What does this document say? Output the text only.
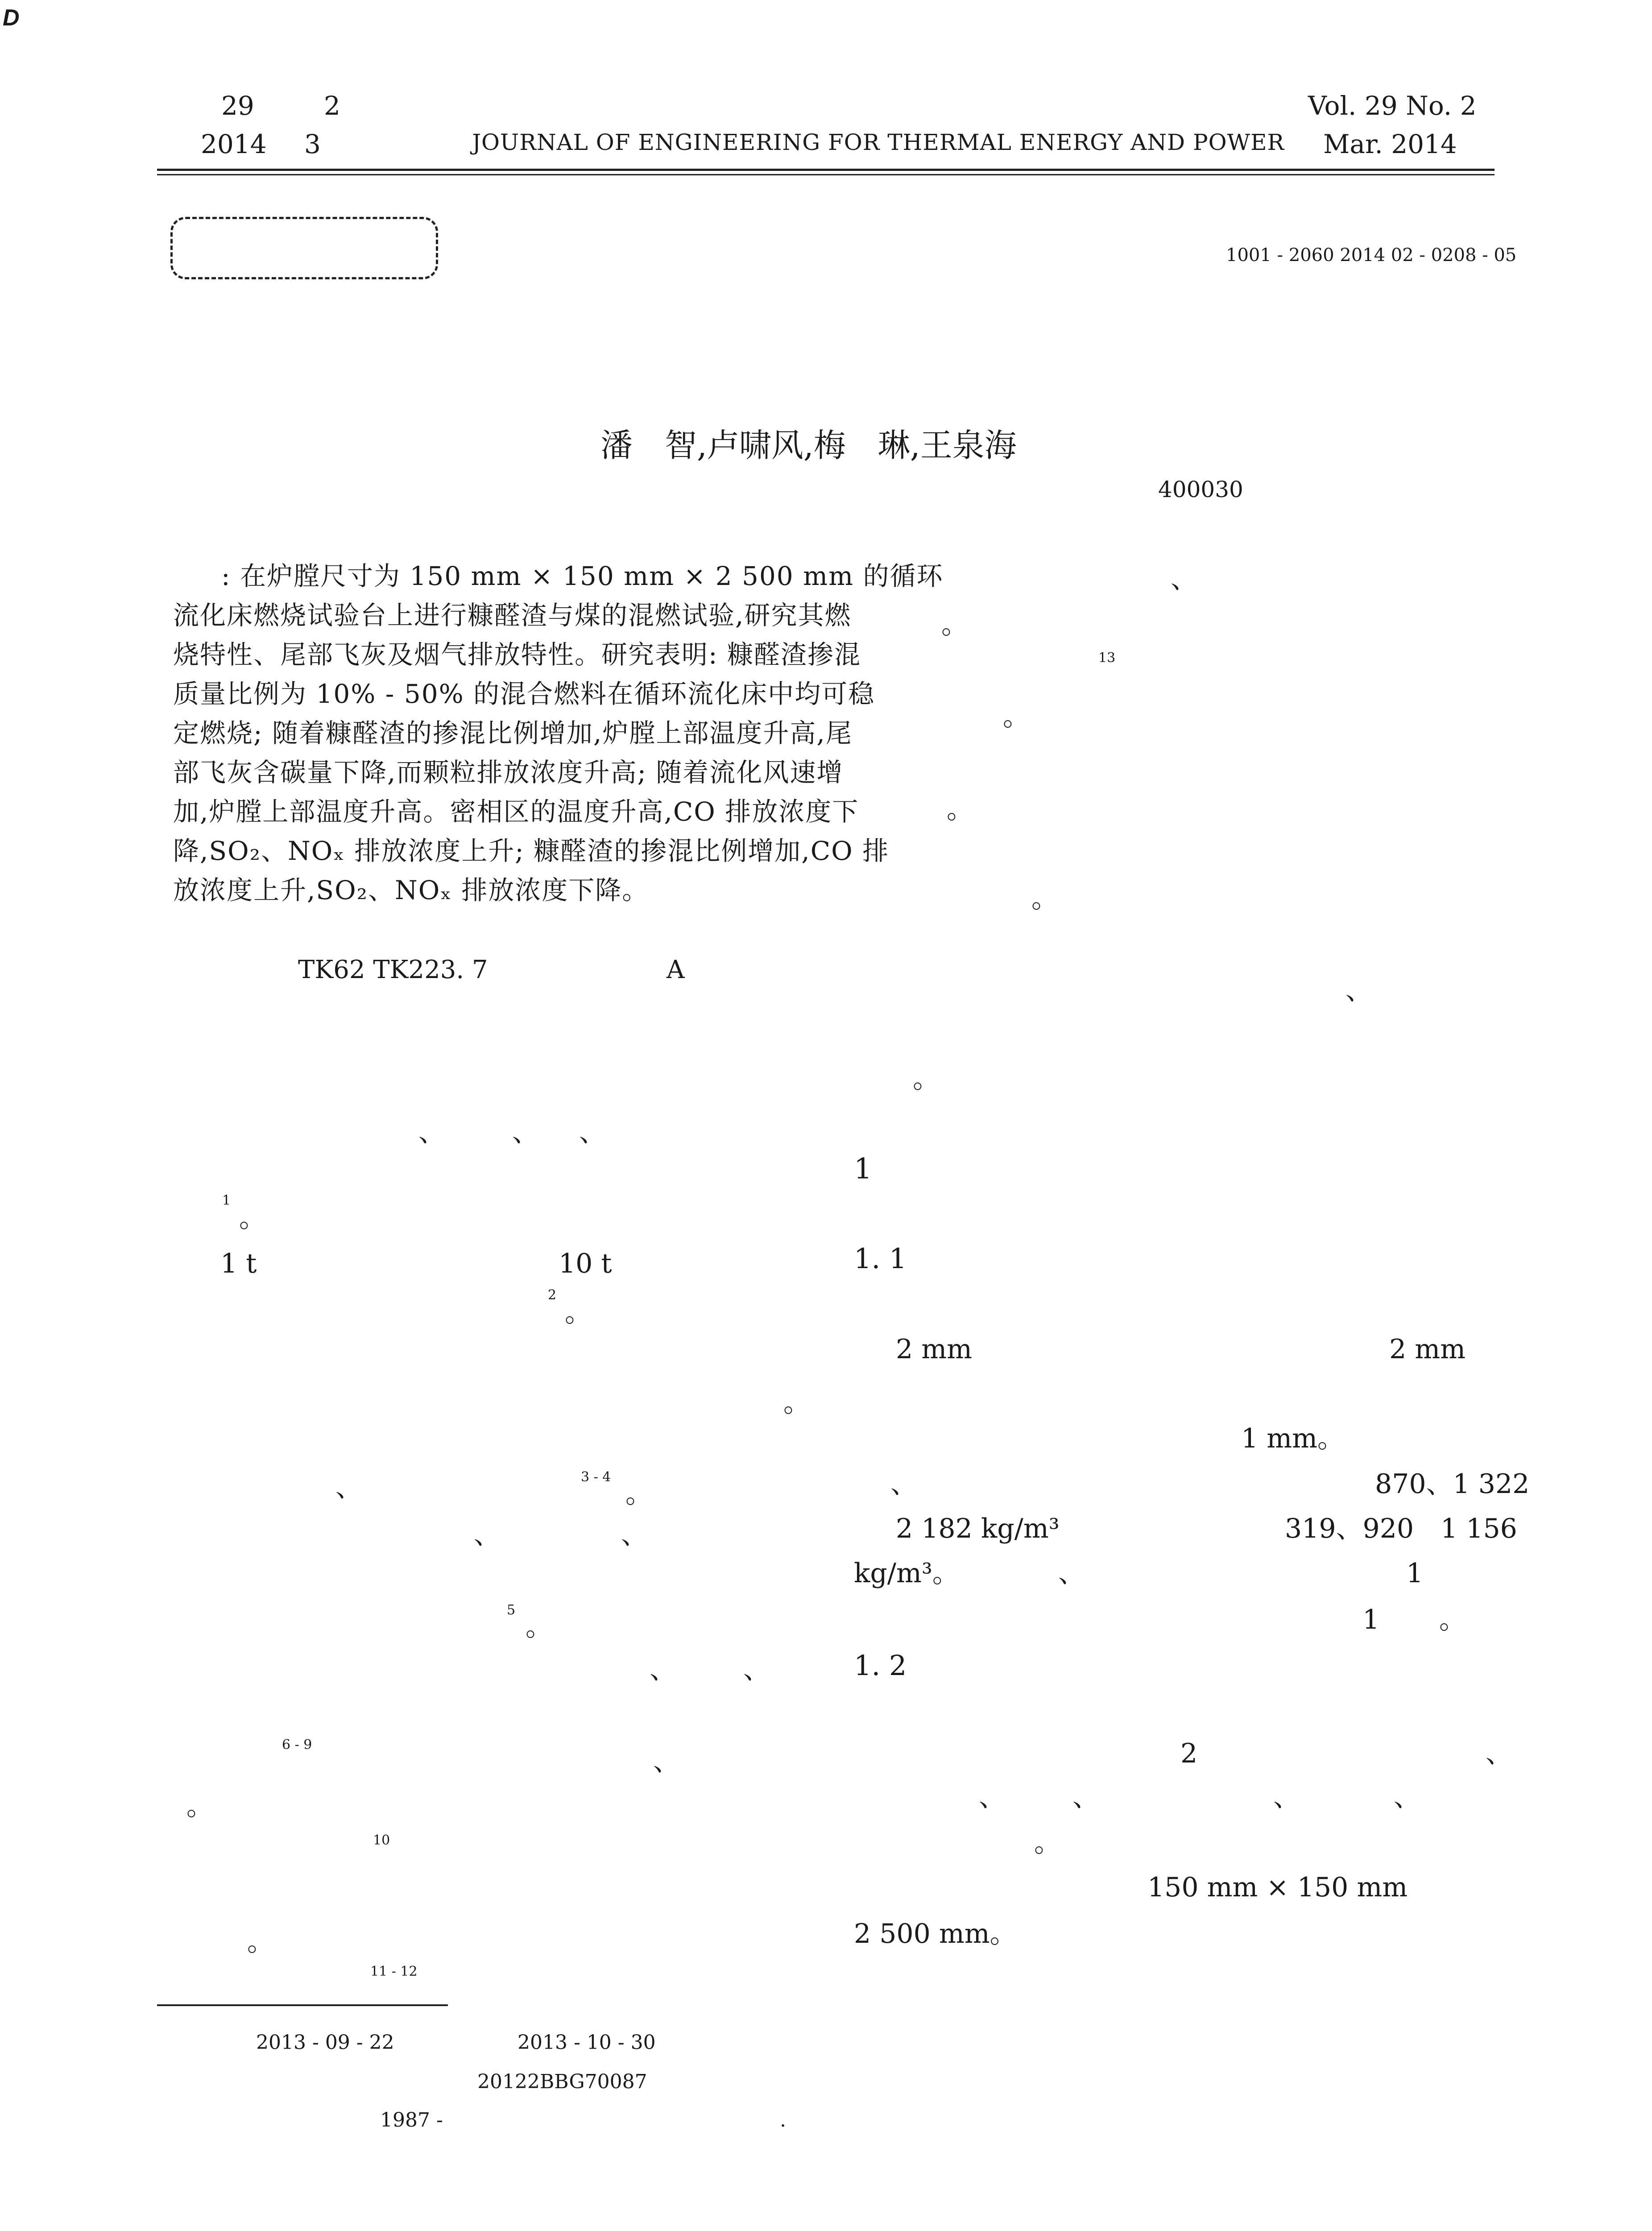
D
29	2
2014 3	JOURNAL OF ENGINEERING FOR THERMAL ENERGY AND POWER
Vol. 29 No. 2
Mar. 2014
1001 - 2060 2014 02 - 0208 - 05
潘　智,卢啸风,梅　琳,王泉海
400030
: 在炉膛尺寸为 150 mm × 150 mm × 2 500 mm 的循环
流化床燃烧试验台上进行糠醛渣与煤的混燃试验,研究其燃
烧特性、尾部飞灰及烟气排放特性。研究表明: 糠醛渣掺混
质量比例为 10% - 50% 的混合燃料在循环流化床中均可稳
定燃烧; 随着糠醛渣的掺混比例增加,炉膛上部温度升高,尾
部飞灰含碳量下降,而颗粒排放浓度升高; 随着流化风速增
加,炉膛上部温度升高。密相区的温度升高,CO 排放浓度下
降,SO₂、NOₓ 排放浓度上升; 糠醛渣的掺混比例增加,CO 排
放浓度上升,SO₂、NOₓ 排放浓度下降。
TK62 TK223. 7	A
、　　　、　　、
1
。
1 t	10 t
2
。
。
、	3 - 4
。
、　　　　　、
5
。
、　　　、
6 - 9
、
。
10
。
11 - 12
2013 - 09 - 22	2013 - 10 - 30
20122BBG70087
1987 -	.
、
。
13
。
。
。
、
。
1
1. 1
2 mm	2 mm
1 mm。
、	870、1 322
2 182 kg/m³	319、920　1 156
kg/m³。	、	1
1 。
1. 2
2	、
、　　　、　　　　　　　、　　　　、
。
150 mm × 150 mm
2 500 mm。
